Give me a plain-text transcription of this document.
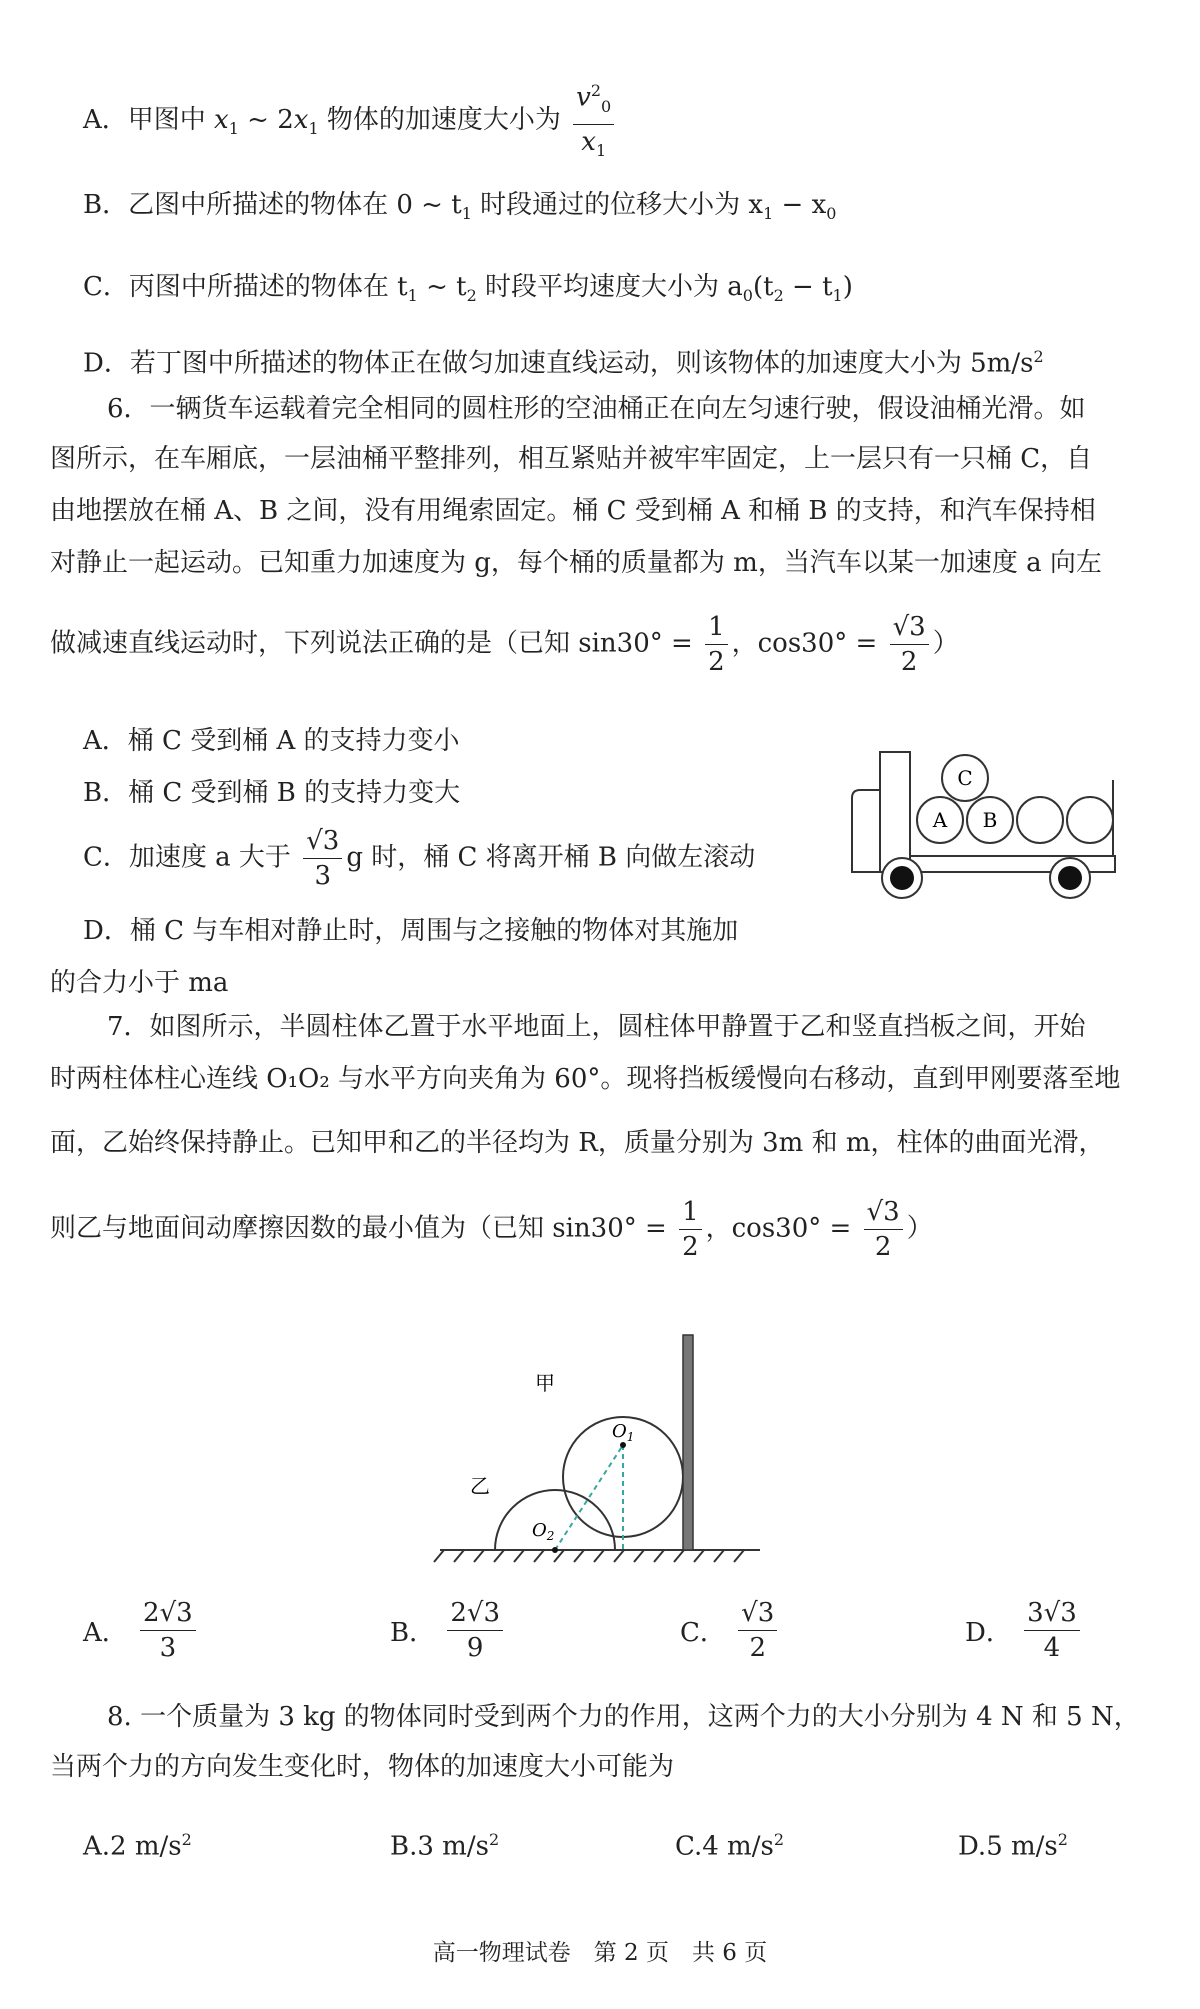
A．甲图中 $x_1$ ~ $2x_1$ 物体的加速度大小为 $\frac{v^2_0}{x_1}$
B．乙图中所描述的物体在 0 ~ $t_1$ 时段通过的位移大小为 $x_1 - x_0$
C．丙图中所描述的物体在 $t_1$ ~ $t_2$ 时段平均速度大小为 $a_0(t_2 - t_1)$
D．若丁图中所描述的物体正在做匀加速直线运动，则该物体的加速度大小为 $5m/s^2$
6．一辆货车运载着完全相同的圆柱形的空油桶正在向左匀速行驶，假设油桶光滑。如
图所示，在车厢底，一层油桶平整排列，相互紧贴并被牢牢固定，上一层只有一只桶 C，自
由地摆放在桶 A、B 之间，没有用绳索固定。桶 C 受到桶 A 和桶 B 的支持，和汽车保持相
对静止一起运动。已知重力加速度为 g，每个桶的质量都为 m，当汽车以某一加速度 a 向左
做减速直线运动时，下列说法正确的是（已知 $\sin 30^\circ = \frac{1}{2}$ ，$\cos 30^\circ = \frac{√3}{2}$ ）
A．桶 C 受到桶 A 的支持力变小
B．桶 C 受到桶 B 的支持力变大
C．加速度 a 大于 $\frac{√3}{3}$ g 时，桶 C 将离开桶 B 向做左滚动
D．桶 C 与车相对静止时，周围与之接触的物体对其施加
的合力小于 ma
C
A B
7．如图所示，半圆柱体乙置于水平地面上，圆柱体甲静置于乙和竖直挡板之间，开始
时两柱体柱心连线 O₁O₂ 与水平方向夹角为 60°。现将挡板缓慢向右移动，直到甲刚要落至地
面，乙始终保持静止。已知甲和乙的半径均为 R，质量分别为 3m 和 m，柱体的曲面光滑，
则乙与地面间动摩擦因数的最小值为（已知 $\sin 30^\circ = \frac{1}{2}$ ，$\cos 30^\circ = \frac{√3}{2}$ ）
甲
乙
$O_1$
$O_2$
A． $\frac{2√3}{3}$	B． $\frac{2√3}{9}$	C． $\frac{√3}{2}$	D． $\frac{3√3}{4}$
8. 一个质量为 3 kg 的物体同时受到两个力的作用，这两个力的大小分别为 4 N 和 5 N，
当两个力的方向发生变化时，物体的加速度大小可能为
A.2 $m/s^2$	B.3 $m/s^2$	C.4 $m/s^2$	D.5 $m/s^2$
高一物理试卷　第 2 页　共 6 页
